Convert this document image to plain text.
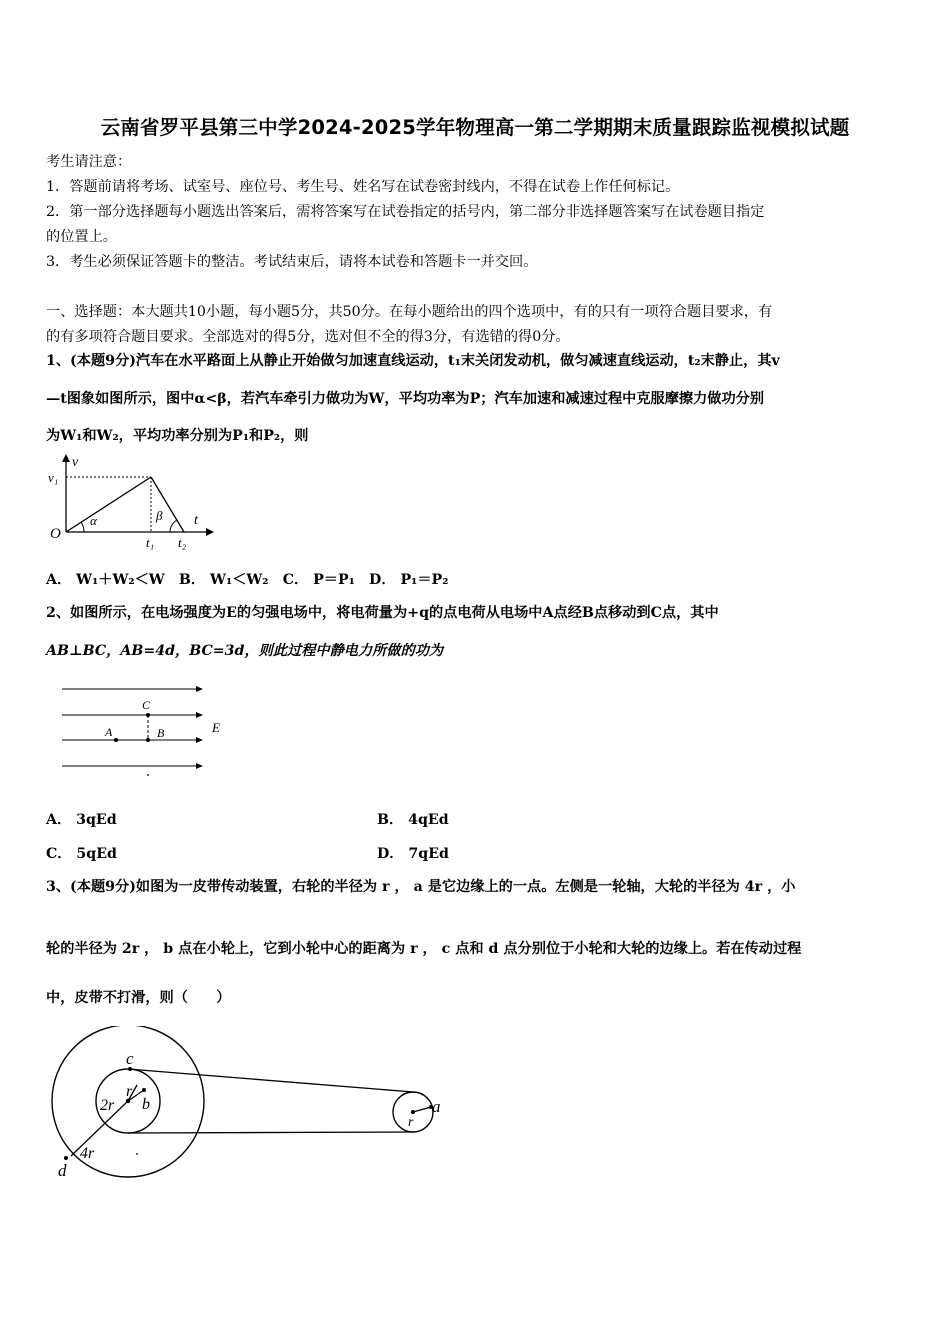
云南省罗平县第三中学2024-2025学年物理高一第二学期期末质量跟踪监视模拟试题
考生请注意：
1．答题前请将考场、试室号、座位号、考生号、姓名写在试卷密封线内，不得在试卷上作任何标记。
2．第一部分选择题每小题选出答案后，需将答案写在试卷指定的括号内，第二部分非选择题答案写在试卷题目指定
的位置上。
3．考生必须保证答题卡的整洁。考试结束后，请将本试卷和答题卡一并交回。
一、选择题：本大题共10小题，每小题5分，共50分。在每小题给出的四个选项中，有的只有一项符合题目要求，有
的有多项符合题目要求。全部选对的得5分，选对但不全的得3分，有选错的得0分。
1、(本题9分)汽车在水平路面上从静止开始做匀加速直线运动，t₁末关闭发动机，做匀减速直线运动，t₂末静止，其v
—t图象如图所示，图中α<β，若汽车牵引力做功为W，平均功率为P；汽车加速和减速过程中克服摩擦力做功分别
为W₁和W₂，平均功率分别为P₁和P₂，则
v
v₁
O
α	β t
t₁ t₂
A． W₁＋W₂＜W　B． W₁＜W₂　C． P＝P₁　D． P₁＝P₂
2、如图所示，在电场强度为E的匀强电场中，将电荷量为+q的点电荷从电场中A点经B点移动到C点，其中
AB⊥BC，AB=4d，BC=3d，则此过程中静电力所做的功为
C
A	B	E
A． 3qEd	B． 4qEd
C． 5qEd	D． 7qEd
3、(本题9分)如图为一皮带传动装置，右轮的半径为 r ， a 是它边缘上的一点。左侧是一轮轴，大轮的半径为 4r ，小
轮的半径为 2r ， b 点在小轮上，它到小轮中心的距离为 r ， c 点和 d 点分别位于小轮和大轮的边缘上。若在传动过程
中，皮带不打滑，则（　　）
c
r
b
2r
4r
d
a
r
